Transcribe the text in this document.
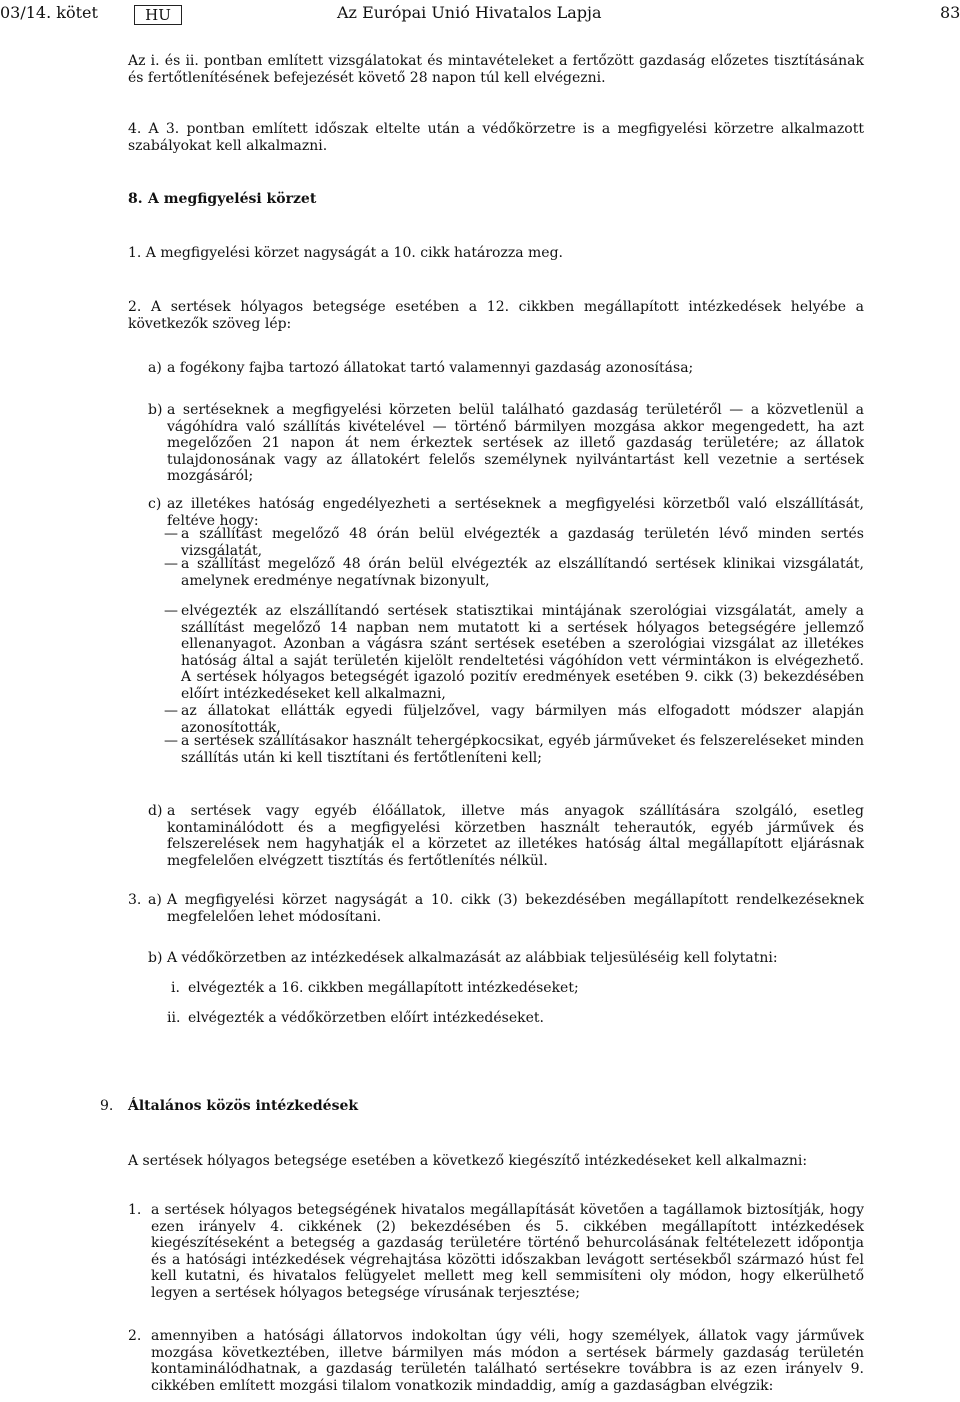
03/14. kötet	HU	Az Európai Unió Hivatalos Lapja	83
Az i. és ii. pontban említett vizsgálatokat és mintavételeket a fertőzött gazdaság előzetes tisztításának és fertőtlenítésének befejezését követő 28 napon túl kell elvégezni.
4. A 3. pontban említett időszak eltelte után a védőkörzetre is a megfigyelési körzetre alkalmazott szabályokat kell alkalmazni.
8. A megfigyelési körzet
1. A megfigyelési körzet nagyságát a 10. cikk határozza meg.
2. A sertések hólyagos betegsége esetében a 12. cikkben megállapított intézkedések helyébe a következők szöveg lép:
a) a fogékony fajba tartozó állatokat tartó valamennyi gazdaság azonosítása;
b) a sertéseknek a megfigyelési körzeten belül található gazdaság területéről — a közvetlenül a vágóhídra való szállítás kivételével — történő bármilyen mozgása akkor megengedett, ha azt megelőzően 21 napon át nem érkeztek sertések az illető gazdaság területére; az állatok tulajdonosának vagy az állatokért felelős személynek nyilvántartást kell vezetnie a sertések mozgásáról;
c) az illetékes hatóság engedélyezheti a sertéseknek a megfigyelési körzetből való elszállítását, feltéve hogy:
— a szállítást megelőző 48 órán belül elvégezték a gazdaság területén lévő minden sertés vizsgálatát,
— a szállítást megelőző 48 órán belül elvégezték az elszállítandó sertések klinikai vizsgálatát, amelynek eredménye negatívnak bizonyult,
— elvégezték az elszállítandó sertések statisztikai mintájának szerológiai vizsgálatát, amely a szállítást megelőző 14 napban nem mutatott ki a sertések hólyagos betegségére jellemző ellenanyagot. Azonban a vágásra szánt sertések esetében a szerológiai vizsgálat az illetékes hatóság által a saját területén kijelölt rendeltetési vágóhídon vett vérmintákon is elvégezhető. A sertések hólyagos betegségét igazoló pozitív eredmények esetében 9. cikk (3) bekezdésében előírt intézkedéseket kell alkalmazni,
— az állatokat ellátták egyedi füljelzővel, vagy bármilyen más elfogadott módszer alapján azonosították,
— a sertések szállításakor használt tehergépkocsikat, egyéb járműveket és felszereléseket minden szállítás után ki kell tisztítani és fertőtleníteni kell;
d) a sertések vagy egyéb élőállatok, illetve más anyagok szállítására szolgáló, esetleg kontaminálódott és a megfigyelési körzetben használt teherautók, egyéb járművek és felszerelések nem hagyhatják el a körzetet az illetékes hatóság által megállapított eljárásnak megfelelően elvégzett tisztítás és fertőtlenítés nélkül.
3. a) A megfigyelési körzet nagyságát a 10. cikk (3) bekezdésében megállapított rendelkezéseknek megfelelően lehet módosítani.
b) A védőkörzetben az intézkedések alkalmazását az alábbiak teljesüléséig kell folytatni:
i. elvégezték a 16. cikkben megállapított intézkedéseket;
ii. elvégezték a védőkörzetben előírt intézkedéseket.
9. Általános közös intézkedések
A sertések hólyagos betegsége esetében a következő kiegészítő intézkedéseket kell alkalmazni:
1. a sertések hólyagos betegségének hivatalos megállapítását követően a tagállamok biztosítják, hogy ezen irányelv 4. cikkének (2) bekezdésében és 5. cikkében megállapított intézkedések kiegészítéseként a betegség a gazdaság területére történő behurcolásának feltételezett időpontja és a hatósági intézkedések végrehajtása közötti időszakban levágott sertésekből származó húst fel kell kutatni, és hivatalos felügyelet mellett meg kell semmisíteni oly módon, hogy elkerülhető legyen a sertések hólyagos betegsége vírusának terjesztése;
2. amennyiben a hatósági állatorvos indokoltan úgy véli, hogy személyek, állatok vagy járművek mozgása következtében, illetve bármilyen más módon a sertések bármely gazdaság területén kontaminálódhatnak, a gazdaság területén található sertésekre továbbra is az ezen irányelv 9. cikkében említett mozgási tilalom vonatkozik mindaddig, amíg a gazdaságban elvégzik:
